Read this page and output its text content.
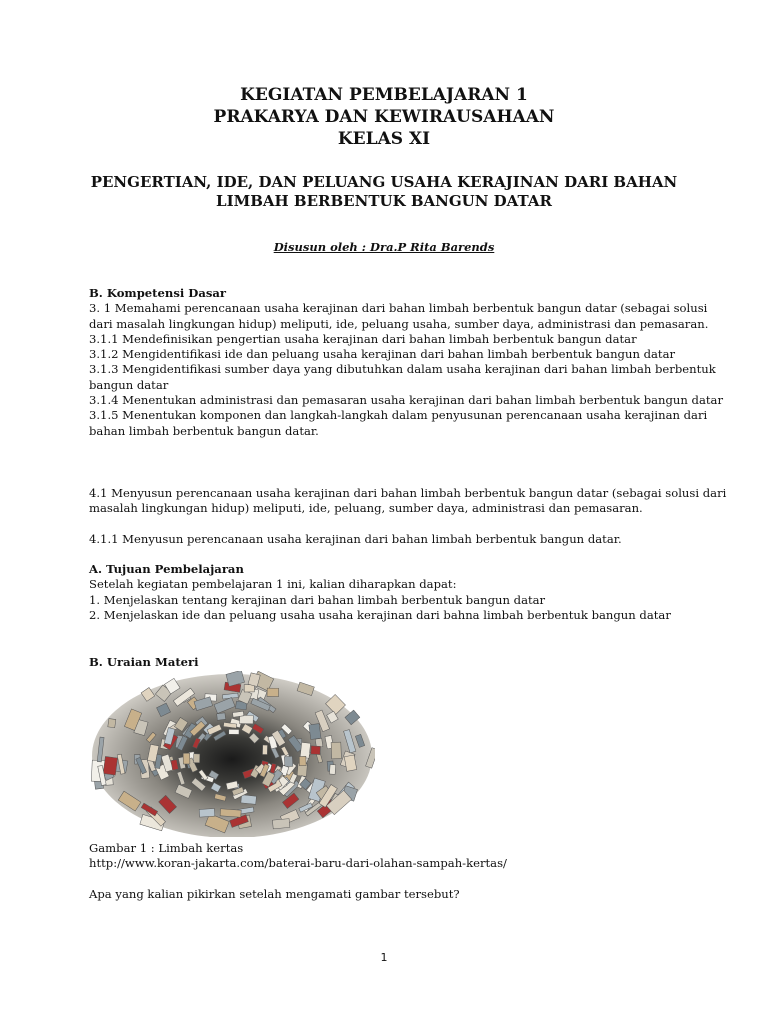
KEGIATAN PEMBELAJARAN 1
PRAKARYA DAN KEWIRAUSAHAAN
KELAS XI
PENGERTIAN, IDE, DAN PELUANG USAHA KERAJINAN DARI BAHAN LIMBAH BERBENTUK BANGUN DATAR
Disusun oleh : Dra.P Rita Barends

B. Kompetensi Dasar

3. 1 Memahami perencanaan usaha kerajinan dari bahan limbah berbentuk bangun datar (sebagai solusi dari masalah lingkungan hidup) meliputi, ide, peluang usaha, sumber daya, administrasi dan pemasaran.

3.1.1 Mendefinisikan pengertian usaha kerajinan dari bahan limbah berbentuk bangun datar

3.1.2 Mengidentifikasi ide dan peluang usaha kerajinan dari bahan limbah berbentuk bangun datar

3.1.3 Mengidentifikasi sumber daya yang dibutuhkan dalam usaha kerajinan dari bahan limbah berbentuk bangun datar

3.1.4 Menentukan administrasi dan pemasaran usaha kerajinan dari bahan limbah berbentuk bangun datar

3.1.5 Menentukan komponen dan langkah-langkah dalam penyusunan perencanaan usaha kerajinan dari bahan limbah berbentuk bangun datar.

4.1 Menyusun perencanaan usaha kerajinan dari bahan limbah berbentuk bangun datar (sebagai solusi dari masalah lingkungan hidup) meliputi, ide, peluang, sumber daya, administrasi dan pemasaran.
4.1.1 Menyusun perencanaan usaha kerajinan dari bahan limbah berbentuk bangun datar.

A. Tujuan Pembelajaran

Setelah kegiatan pembelajaran 1 ini, kalian diharapkan dapat:

1. Menjelaskan tentang kerajinan dari bahan limbah berbentuk bangun datar

2. Menjelaskan ide dan peluang usaha usaha kerajinan dari bahna limbah berbentuk bangun datar

B. Uraian Materi

Gambar 1 : Limbah kertas

http://www.koran-jakarta.com/baterai-baru-dari-olahan-sampah-kertas/

Apa yang kalian pikirkan setelah mengamati gambar tersebut?
1
